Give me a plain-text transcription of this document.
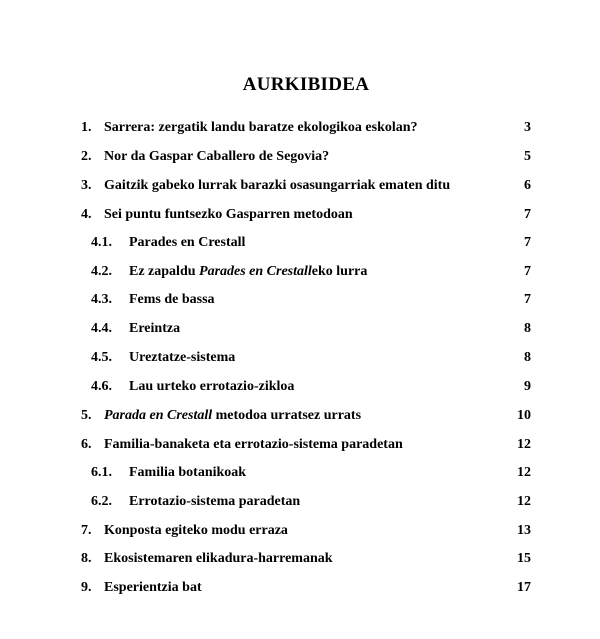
AURKIBIDEA
1. Sarrera: zergatik landu baratze ekologikoa eskolan?	3
2. Nor da Gaspar Caballero de Segovia?	5
3. Gaitzik gabeko lurrak barazki osasungarriak ematen ditu	6
4. Sei puntu funtsezko Gasparren metodoan	7
4.1. Parades en Crestall	7
4.2. Ez zapaldu Parades en Crestalleko lurra	7
4.3. Fems de bassa	7
4.4. Ereintza	8
4.5. Ureztatze-sistema	8
4.6. Lau urteko errotazio-zikloa	9
5. Parada en Crestall metodoa urratsez urrats	10
6. Familia-banaketa eta errotazio-sistema paradetan	12
6.1. Familia botanikoak	12
6.2. Errotazio-sistema paradetan	12
7. Konposta egiteko modu erraza	13
8. Ekosistemaren elikadura-harremanak	15
9. Esperientzia bat	17
